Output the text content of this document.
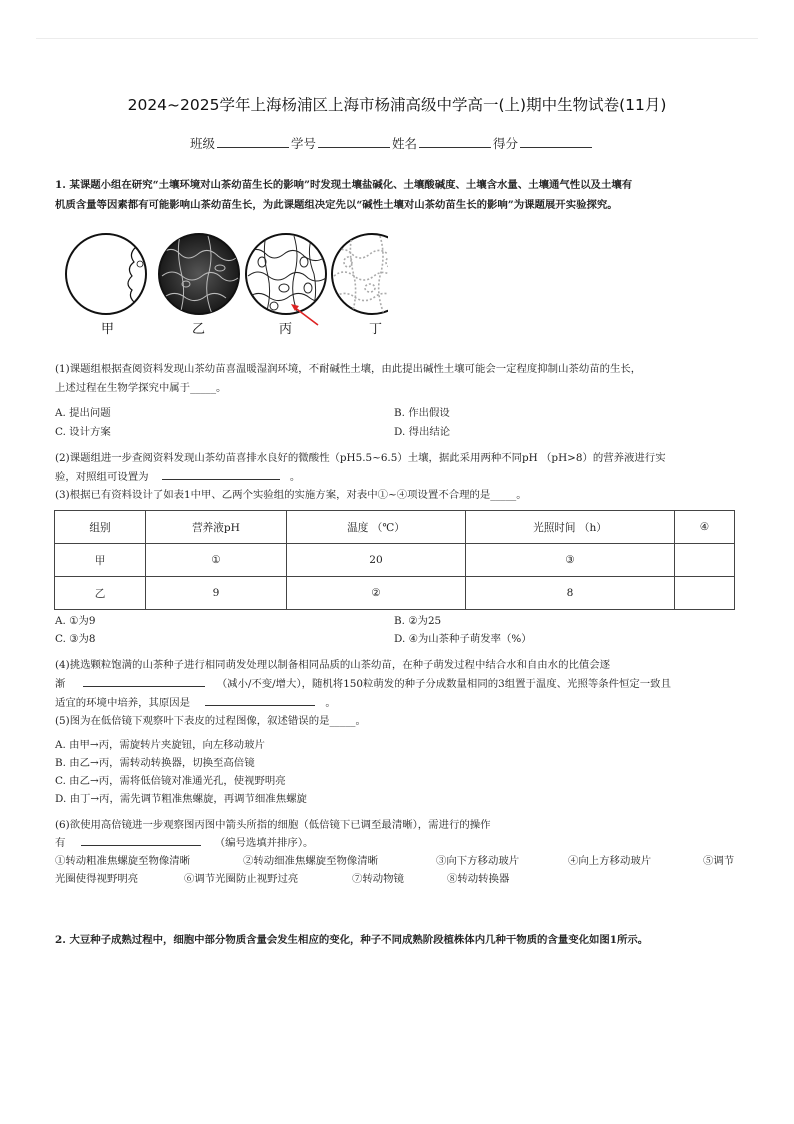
2024~2025学年上海杨浦区上海市杨浦高级中学高一(上)期中生物试卷(11月)
班级	学号	姓名	得分
1. 某课题小组在研究“土壤环境对山茶幼苗生长的影响”时发现土壤盐碱化、土壤酸碱度、土壤含水量、土壤通气性以及土壤有
机质含量等因素都有可能影响山茶幼苗生长，为此课题组决定先以“碱性土壤对山茶幼苗生长的影响”为课题展开实验探究。
甲	乙	丙	丁
(1)课题组根据查阅资料发现山茶幼苗喜温暖湿润环境，不耐碱性土壤，由此提出碱性土壤可能会一定程度抑制山茶幼苗的生长，
上述过程在生物学探究中属于_____。
A. 提出问题	B. 作出假设
C. 设计方案	D. 得出结论
(2)课题组进一步查阅资料发现山茶幼苗喜排水良好的微酸性（pH5.5~6.5）土壤，据此采用两种不同pH （pH>8）的营养液进行实
验，对照组可设置为	。
(3)根据已有资料设计了如表1中甲、乙两个实验组的实施方案，对表中①~④项设置不合理的是_____。
组别	营养液pH	温度 （℃）	光照时间 （h）	④
甲	①	20	③	
乙	9	②	8	
A. ①为9	B. ②为25
C. ③为8	D. ④为山茶种子萌发率（%）
(4)挑选颗粒饱满的山茶种子进行相同萌发处理以制备相同品质的山茶幼苗，在种子萌发过程中结合水和自由水的比值会逐
渐	（减小/不变/增大），随机将150粒萌发的种子分成数量相同的3组置于温度、光照等条件恒定一致且
适宜的环境中培养，其原因是	。
(5)图为在低倍镜下观察叶下表皮的过程图像，叙述错误的是_____。
A. 由甲→丙，需旋转片夹旋钮，向左移动玻片
B. 由乙→丙，需转动转换器，切换至高倍镜
C. 由乙→丙，需将低倍镜对准通光孔，使视野明亮
D. 由丁→丙，需先调节粗准焦螺旋，再调节细准焦螺旋
(6)欲使用高倍镜进一步观察图丙图中箭头所指的细胞（低倍镜下已调至最清晰），需进行的操作
有	（编号选填并排序）。
①转动粗准焦螺旋至物像清晰	②转动细准焦螺旋至物像清晰	③向下方移动玻片	④向上方移动玻片	⑤调节
光圈使得视野明亮	⑥调节光圈防止视野过亮	⑦转动物镜	⑧转动转换器
2. 大豆种子成熟过程中，细胞中部分物质含量会发生相应的变化，种子不同成熟阶段植株体内几种干物质的含量变化如图1所示。
